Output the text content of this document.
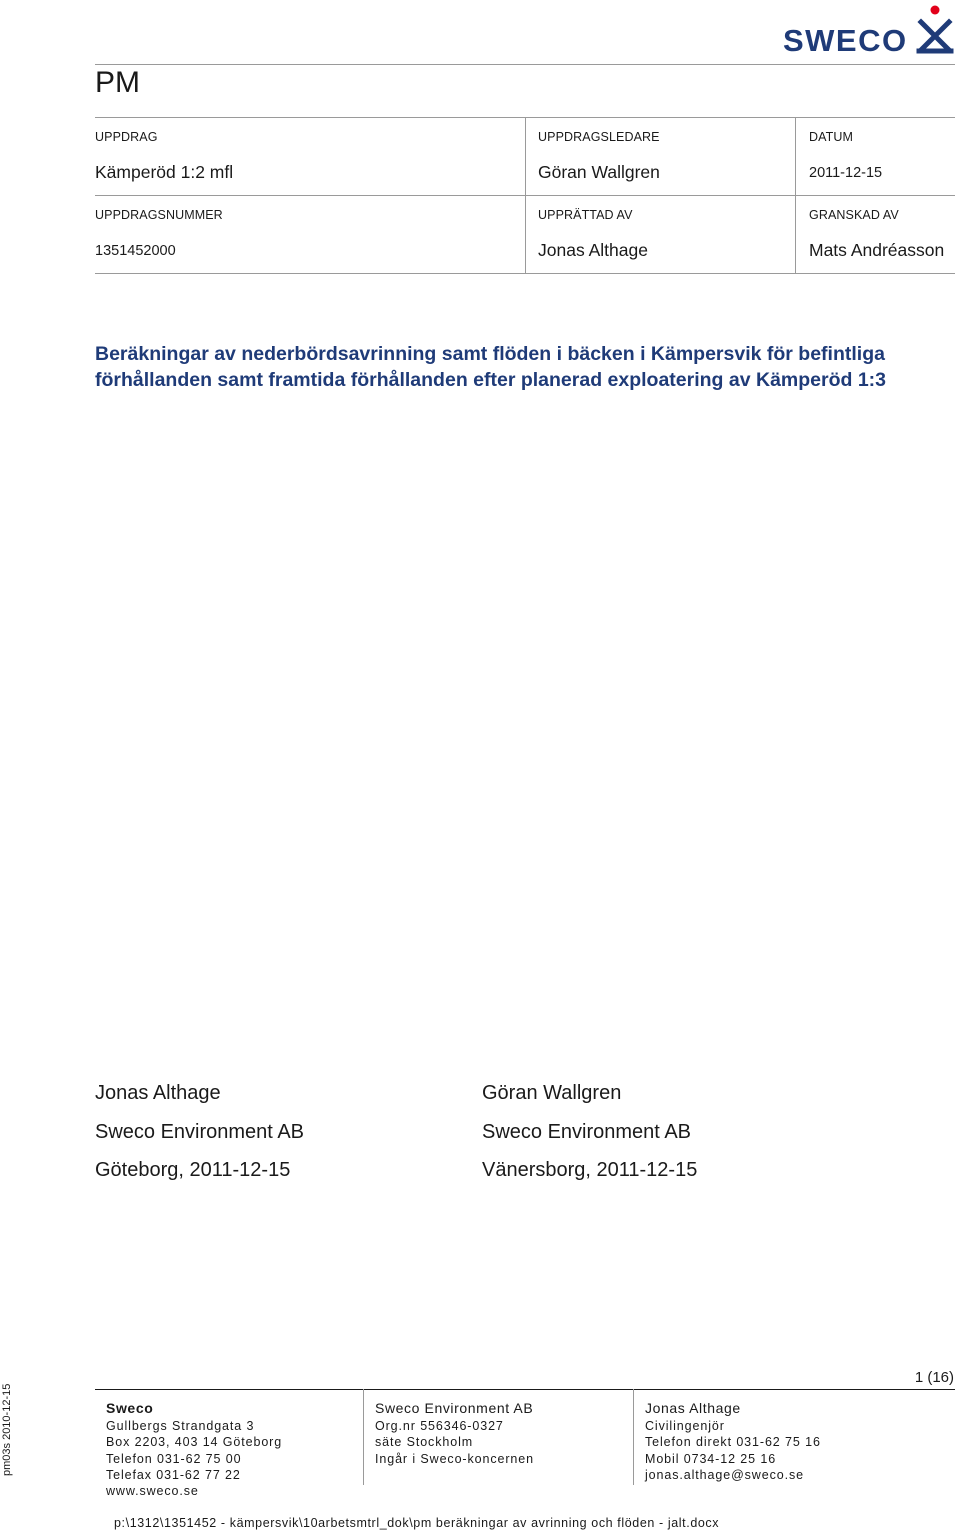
SWECO
PM
UPPDRAG
Kämperöd 1:2 mfl
UPPDRAGSLEDARE
Göran Wallgren
DATUM
2011-12-15
UPPDRAGSNUMMER
1351452000
UPPRÄTTAD AV
Jonas Althage
GRANSKAD AV
Mats Andréasson
Beräkningar av nederbördsavrinning samt flöden i bäcken i Kämpersvik för befintliga förhållanden samt framtida förhållanden efter planerad exploatering av Kämperöd 1:3
Jonas Althage
Sweco Environment AB
Göteborg, 2011-12-15
Göran Wallgren
Sweco Environment AB
Vänersborg, 2011-12-15
1 (16)
Sweco
Gullbergs Strandgata 3
Box 2203, 403 14 Göteborg
Telefon 031-62 75 00
Telefax 031-62 77 22
www.sweco.se
Sweco Environment AB
Org.nr 556346-0327
säte Stockholm
Ingår i Sweco-koncernen
Jonas Althage
Civilingenjör
Telefon direkt 031-62 75 16
Mobil 0734-12 25 16
jonas.althage@sweco.se
pm03s 2010-12-15
p:\1312\1351452 - kämpersvik\10arbetsmtrl_dok\pm beräkningar av avrinning och flöden - jalt.docx
